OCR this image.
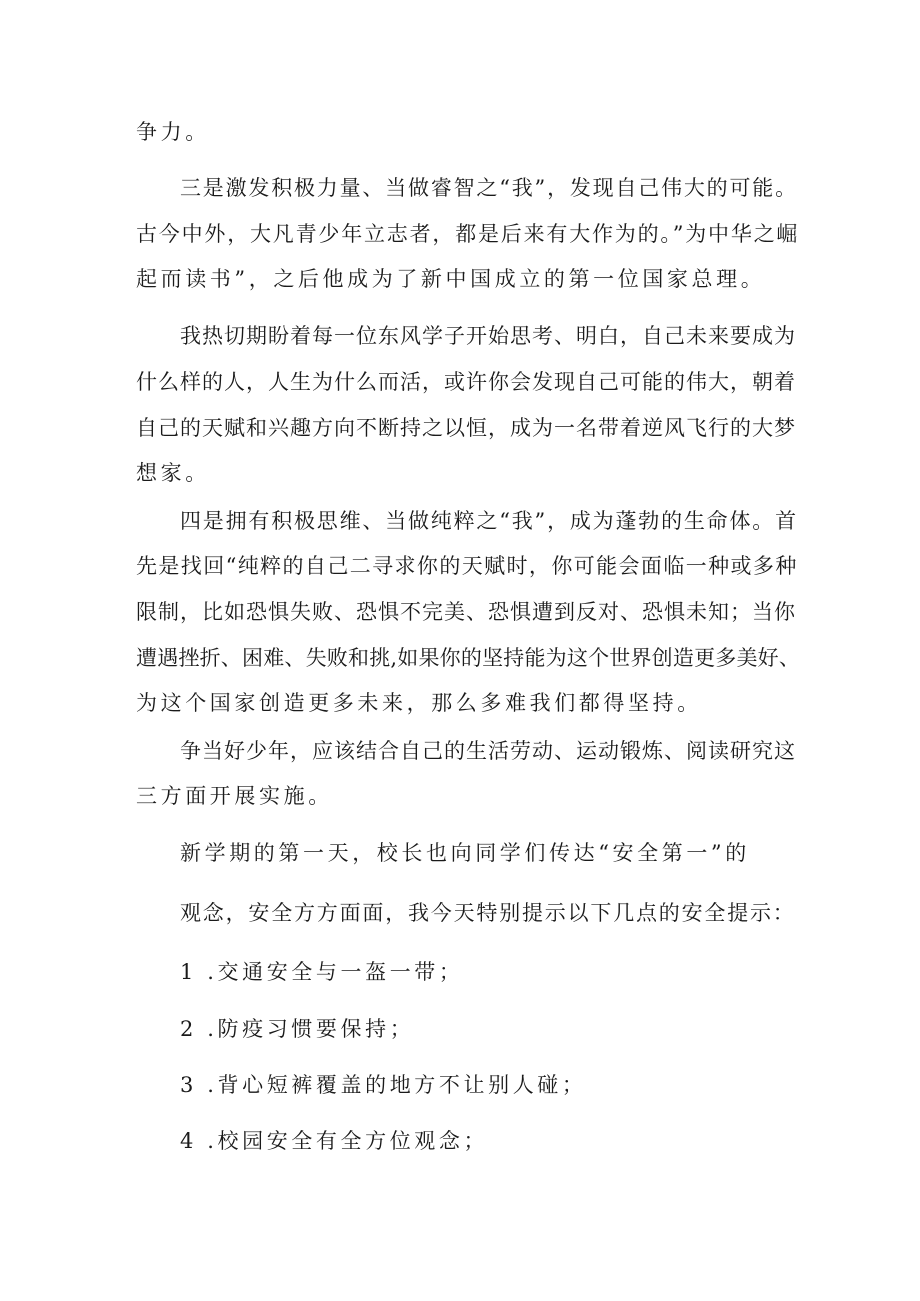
争力。
三是激发积极力量、当做睿智之“我”，发现自己伟大的可能。
古今中外，大凡青少年立志者，都是后来有大作为的。”为中华之崛
起而读书”，之后他成为了新中国成立的第一位国家总理。
我热切期盼着每一位东风学子开始思考、明白，自己未来要成为
什么样的人，人生为什么而活，或许你会发现自己可能的伟大，朝着
自己的天赋和兴趣方向不断持之以恒，成为一名带着逆风飞行的大梦
想家。
四是拥有积极思维、当做纯粹之“我”，成为蓬勃的生命体。首
先是找回“纯粹的自己二寻求你的天赋时，你可能会面临一种或多种
限制，比如恐惧失败、恐惧不完美、恐惧遭到反对、恐惧未知；当你
遭遇挫折、困难、失败和挑,如果你的坚持能为这个世界创造更多美好、
为这个国家创造更多未来，那么多难我们都得坚持。
争当好少年，应该结合自己的生活劳动、运动锻炼、阅读研究这
三方面开展实施。
新学期的第一天，校长也向同学们传达“安全第一”的
观念，安全方方面面，我今天特别提示以下几点的安全提示：
1 .交通安全与一盔一带；
2 .防疫习惯要保持；
3 .背心短裤覆盖的地方不让别人碰；
4 .校园安全有全方位观念；
